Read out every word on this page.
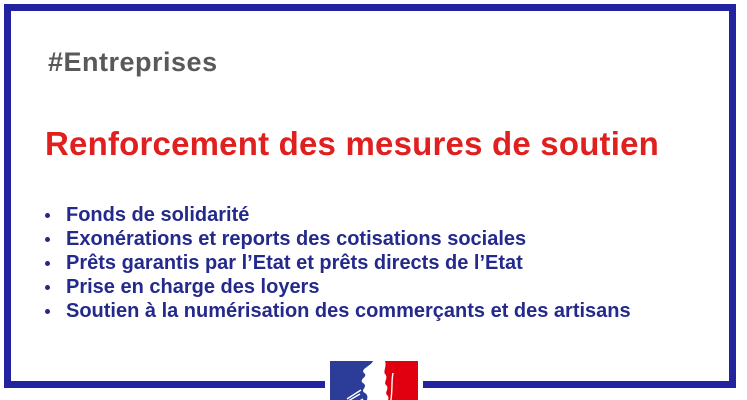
#Entreprises
Renforcement des mesures de soutien
Fonds de solidarité
Exonérations et reports des cotisations sociales
Prêts garantis par l’Etat et prêts directs de l’Etat
Prise en charge des loyers
Soutien à la numérisation des commerçants et des artisans
